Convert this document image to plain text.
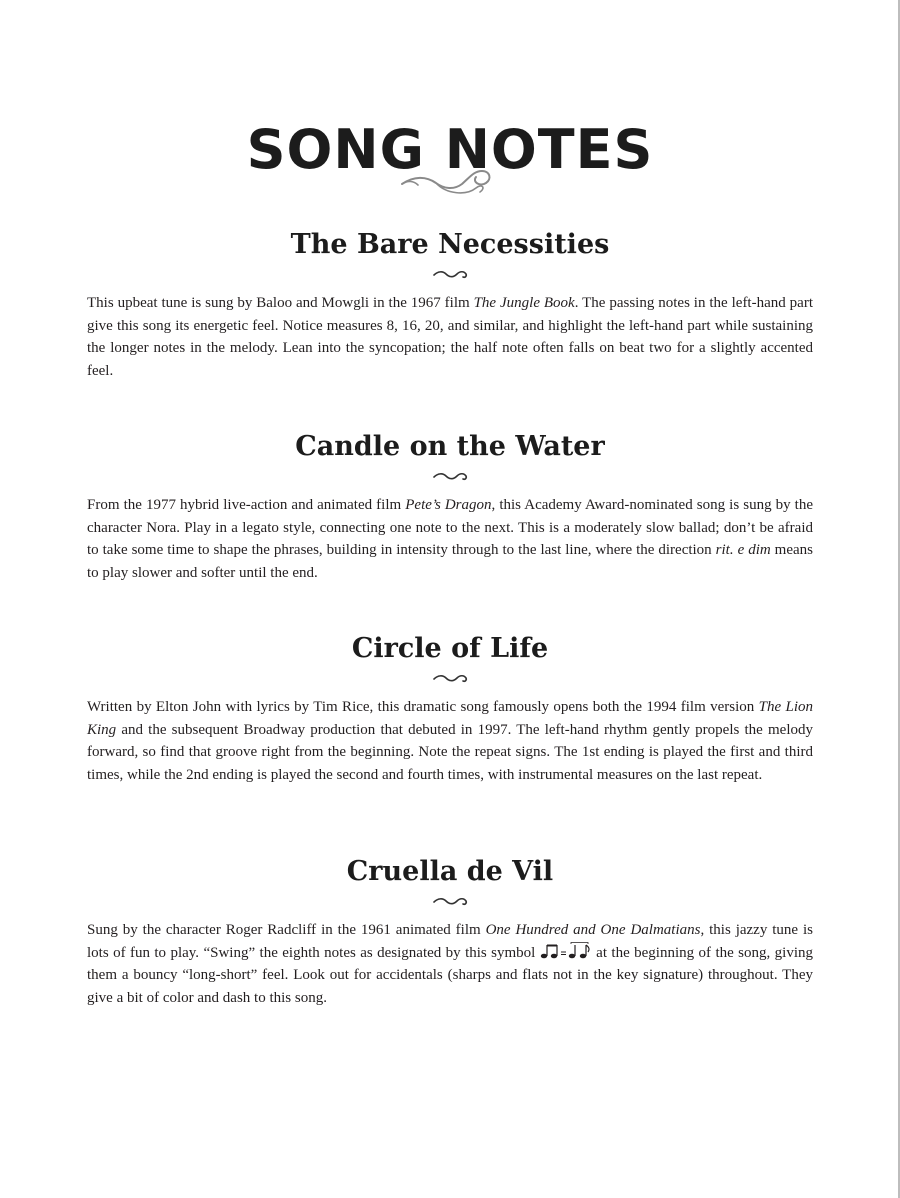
SONG NOTES
The Bare Necessities

This upbeat tune is sung by Baloo and Mowgli in the 1967 film The Jungle Book. The passing notes in the left-hand part give this song its energetic feel. Notice measures 8, 16, 20, and similar, and highlight the left-hand part while sustaining the longer notes in the melody. Lean into the syncopation; the half note often falls on beat two for a slightly accented feel.

Candle on the Water

From the 1977 hybrid live-action and animated film Pete’s Dragon, this Academy Award-nominated song is sung by the character Nora. Play in a legato style, connecting one note to the next. This is a moderately slow ballad; don’t be afraid to take some time to shape the phrases, building in intensity through to the last line, where the direction rit. e dim means to play slower and softer until the end.

Circle of Life

Written by Elton John with lyrics by Tim Rice, this dramatic song famously opens both the 1994 film version The Lion King and the subsequent Broadway production that debuted in 1997. The left-hand rhythm gently propels the melody forward, so find that groove right from the beginning. Note the repeat signs. The 1st ending is played the first and third times, while the 2nd ending is played the second and fourth times, with instrumental measures on the last repeat.

Cruella de Vil

Sung by the character Roger Radcliff in the 1961 animated film One Hundred and One Dalmatians, this jazzy tune is lots of fun to play. “Swing” the eighth notes as designated by this symbol	at the beginning of the song, giving them a bouncy “long-short” feel. Look out for accidentals (sharps and flats not in the key signature) throughout. They give a bit of color and dash to this song.
